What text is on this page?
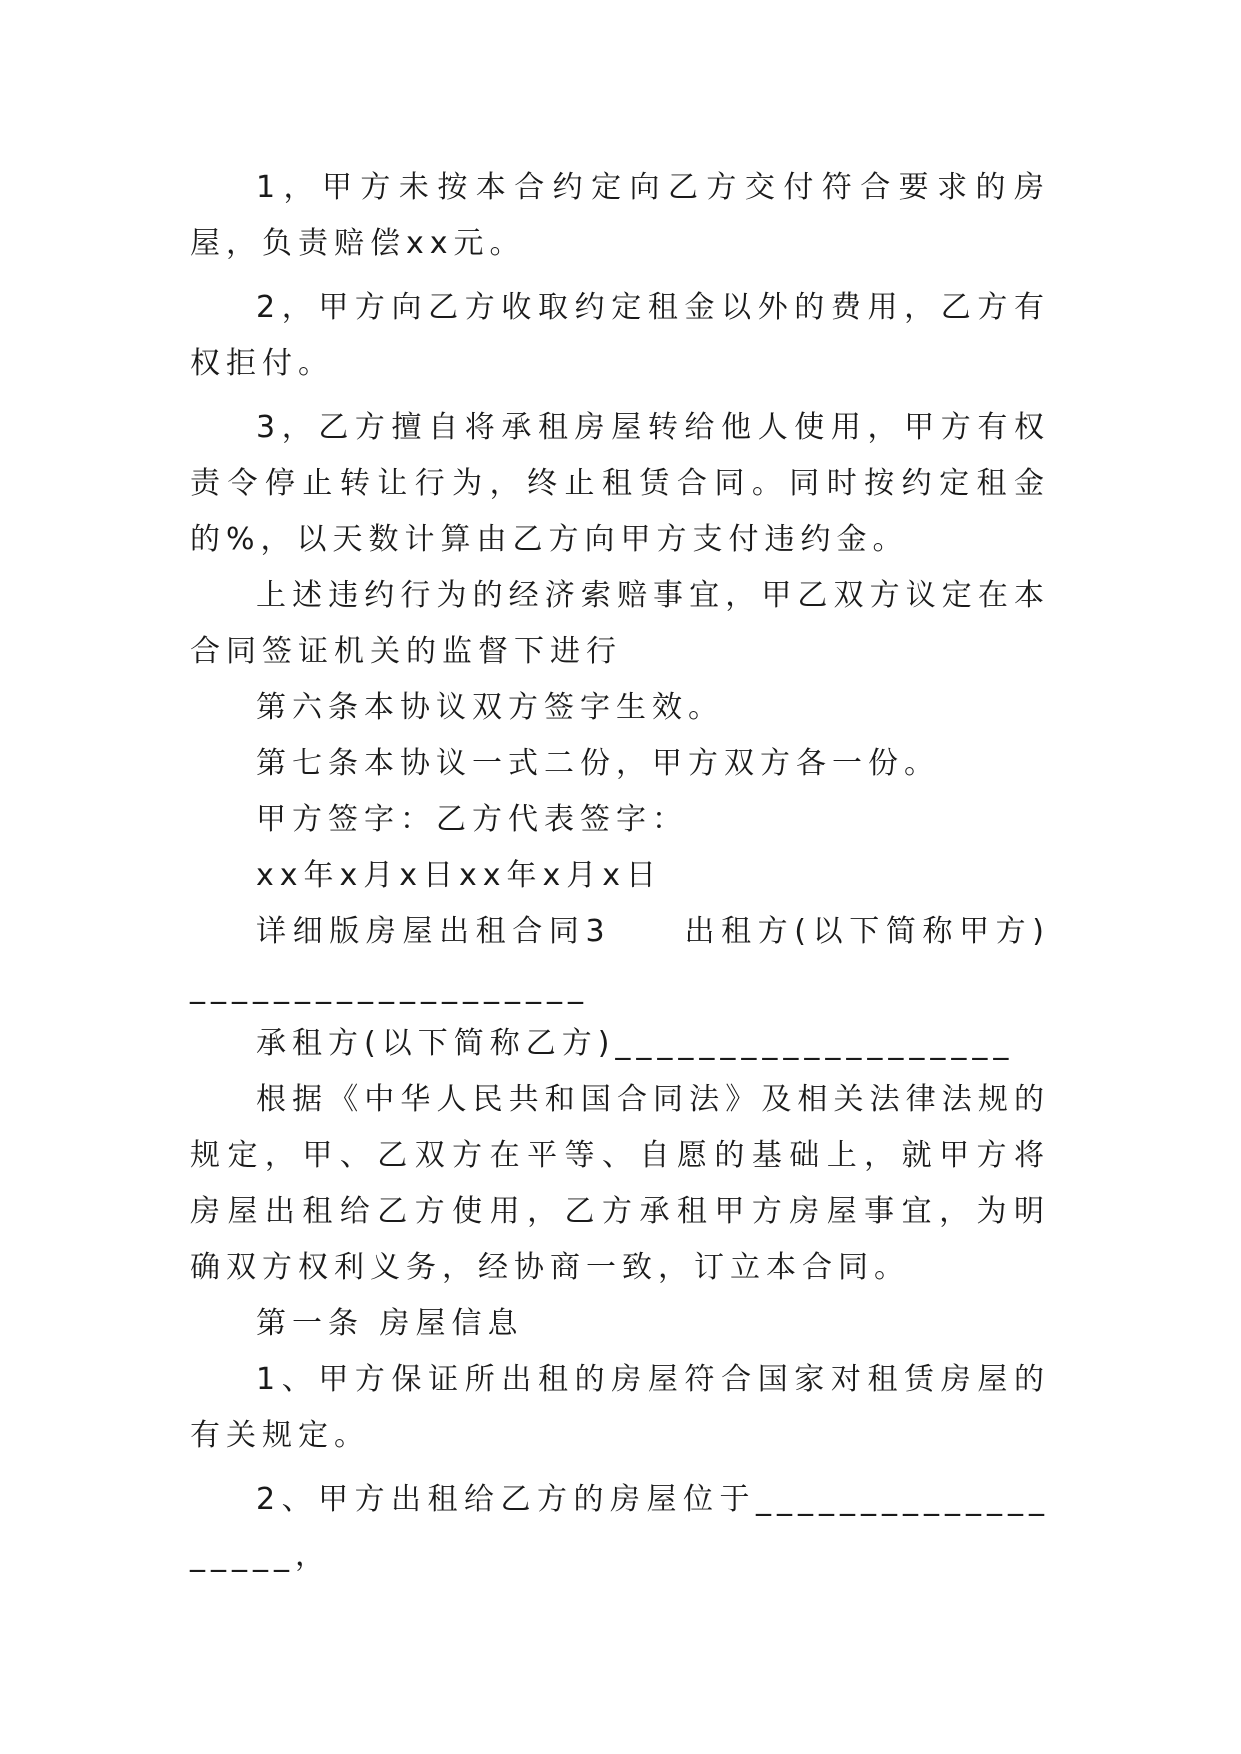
1，甲方未按本合约定向乙方交付符合要求的房屋，负责赔偿xx元。

2，甲方向乙方收取约定租金以外的费用，乙方有权拒付。

3，乙方擅自将承租房屋转给他人使用，甲方有权责令停止转让行为，终止租赁合同。同时按约定租金的%，以天数计算由乙方向甲方支付违约金。

上述违约行为的经济索赔事宜，甲乙双方议定在本合同签证机关的监督下进行

第六条本协议双方签字生效。

第七条本协议一式二份，甲方双方各一份。

甲方签字：乙方代表签字：

xx年x月x日xx年x月x日

详细版房屋出租合同3　　出租方(以下简称甲方)___________________

承租方(以下简称乙方)___________________

根据《中华人民共和国合同法》及相关法律法规的规定，甲、乙双方在平等、自愿的基础上，就甲方将房屋出租给乙方使用，乙方承租甲方房屋事宜，为明确双方权利义务，经协商一致，订立本合同。

第一条 房屋信息

1、甲方保证所出租的房屋符合国家对租赁房屋的有关规定。

2、甲方出租给乙方的房屋位于___________________，
